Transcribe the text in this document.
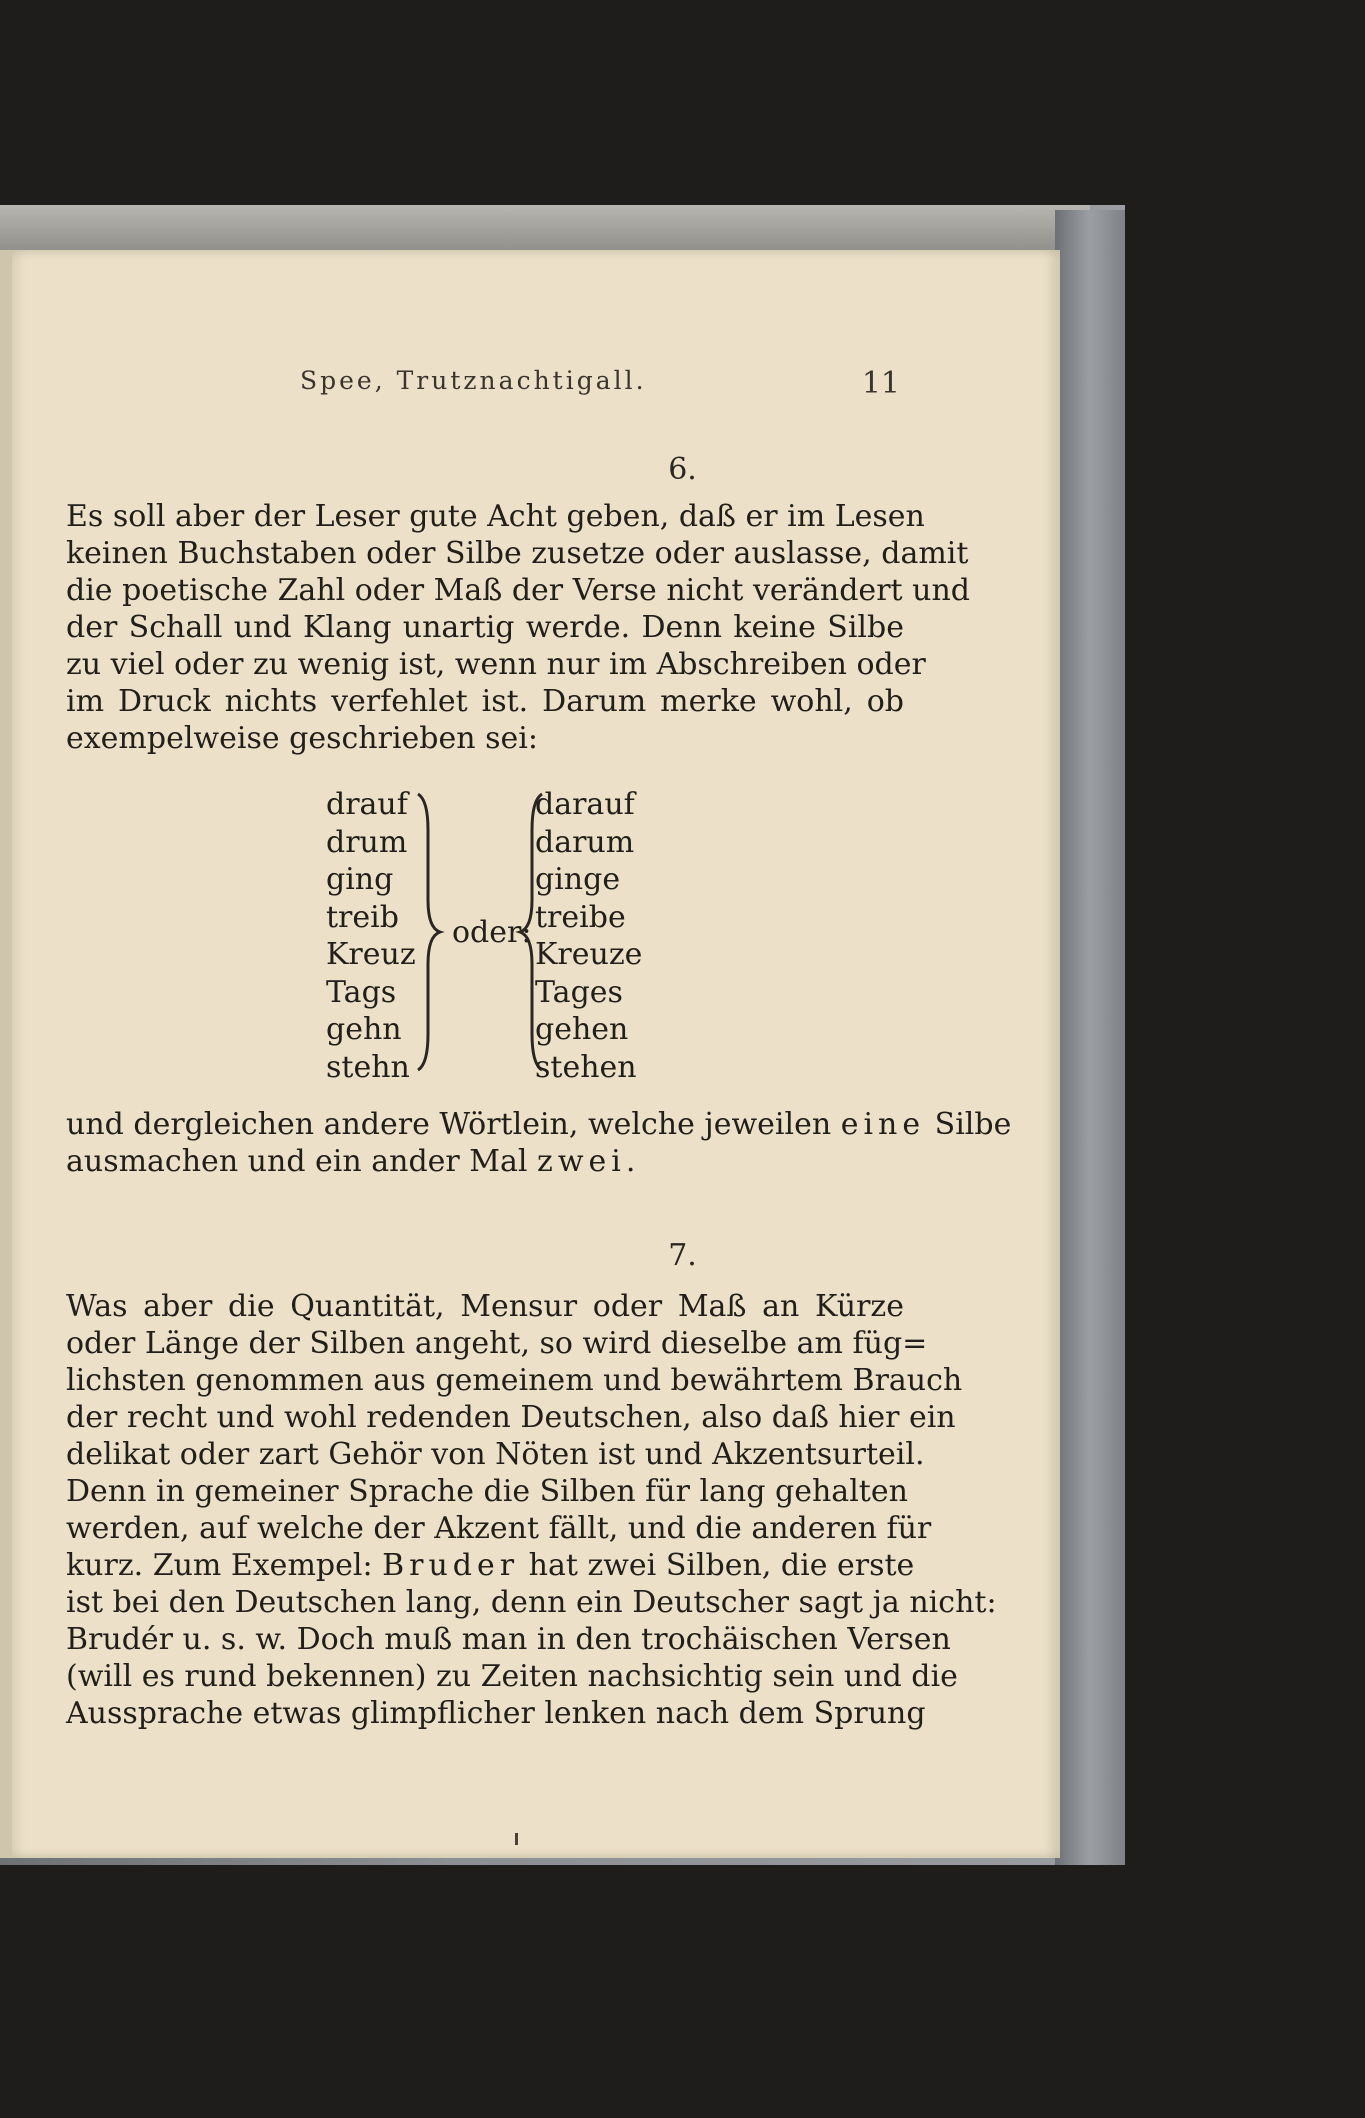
Spee, Trutznachtigall.	11
6.
Es soll aber der Leser gute Acht geben, daß er im Lesen
keinen Buchstaben oder Silbe zusetze oder auslasse, damit
die poetische Zahl oder Maß der Verse nicht verändert und
der Schall und Klang unartig werde. Denn keine Silbe
zu viel oder zu wenig ist, wenn nur im Abschreiben oder
im Druck nichts verfehlet ist. Darum merke wohl, ob
exempelweise geschrieben sei:
drauf
drum
ging
treib
Kreuz
Tags
gehn
stehn
oder:
darauf
darum
ginge
treibe
Kreuze
Tages
gehen
stehen
und dergleichen andere Wörtlein, welche jeweilen eine Silbe
ausmachen und ein ander Mal zwei.
7.
Was aber die Quantität, Mensur oder Maß an Kürze
oder Länge der Silben angeht, so wird dieselbe am füg=
lichsten genommen aus gemeinem und bewährtem Brauch
der recht und wohl redenden Deutschen, also daß hier ein
delikat oder zart Gehör von Nöten ist und Akzentsurteil.
Denn in gemeiner Sprache die Silben für lang gehalten
werden, auf welche der Akzent fällt, und die anderen für
kurz. Zum Exempel: Bruder hat zwei Silben, die erste
ist bei den Deutschen lang, denn ein Deutscher sagt ja nicht:
Brudér u. s. w. Doch muß man in den trochäischen Versen
(will es rund bekennen) zu Zeiten nachsichtig sein und die
Aussprache etwas glimpflicher lenken nach dem Sprung
